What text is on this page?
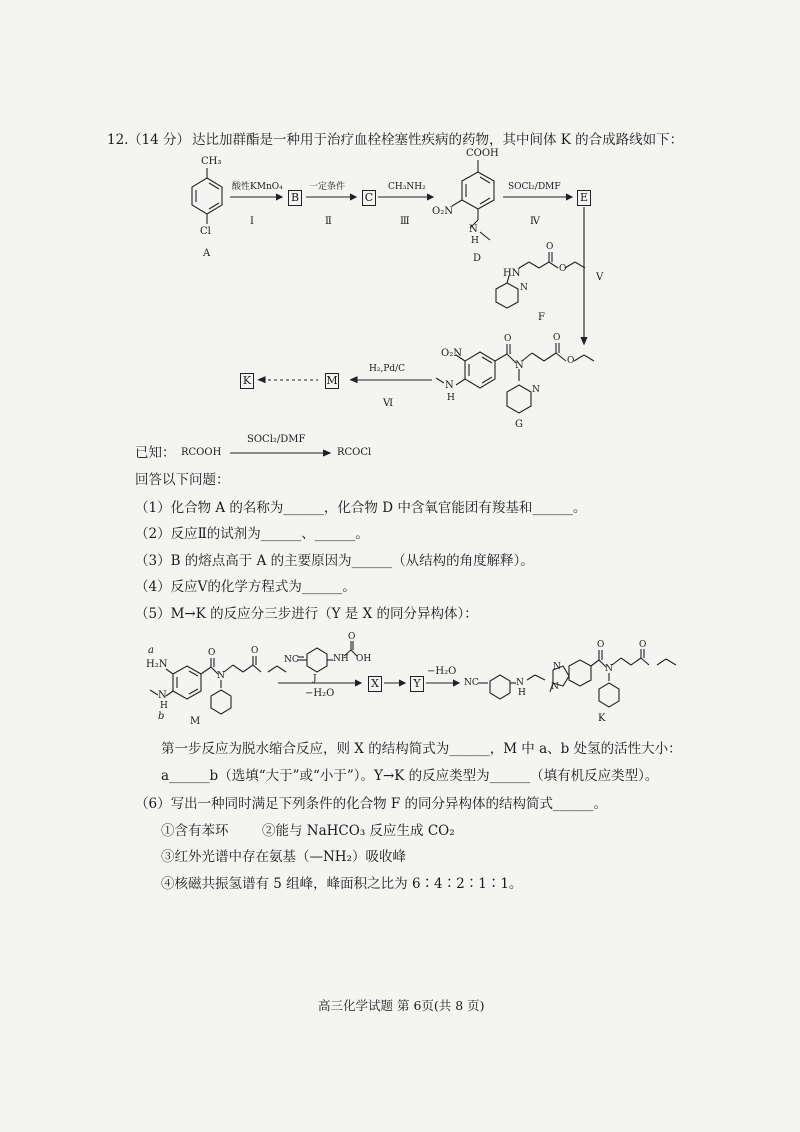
12. （14 分） 达比加群酯是一种用于治疗血栓栓塞性疾病的药物，其中间体 K 的合成路线如下：
CH₃
Cl
A
酸性KMnO₄
I
B
一定条件
Ⅱ
C
CH₃NH₂
Ⅲ
COOH
O₂N
N
H
D
SOCl₂/DMF
Ⅳ
E
V
HN
O
O
N
F
O₂N
O
N
O
O
N
H
N
G
H₂,Pd/C
Ⅵ
M
K
已知： RCOOH
SOCl₂/DMF
RCOCl
回答以下问题：
（1）化合物 A 的名称为______，化合物 D 中含氧官能团有羧基和______。
（2）反应Ⅱ的试剂为______、______。
（3）B 的熔点高于 A 的主要原因为______（从结构的角度解释）。
（4）反应Ⅴ的化学方程式为______。
（5）M→K 的反应分三步进行（Y 是 X 的同分异构体）：
a
H₂N
N
H
b
O
N
O
M
NC	NH
O
OH
J
−H₂O
X	Y
−H₂O
NC	N
H
N
N
O
N
O
K
第一步反应为脱水缩合反应，则 X 的结构简式为______，M 中 a、b 处氢的活性大小：
a______b（选填“大于”或“小于”）。Y→K 的反应类型为______（填有机反应类型）。
（6）写出一种同时满足下列条件的化合物 F 的同分异构体的结构简式______。
①含有苯环 ②能与 NaHCO₃ 反应生成 CO₂
③红外光谱中存在氨基（—NH₂）吸收峰
④核磁共振氢谱有 5 组峰，峰面积之比为 6∶4∶2∶1∶1。
高三化学试题 第 6页(共 8 页)
